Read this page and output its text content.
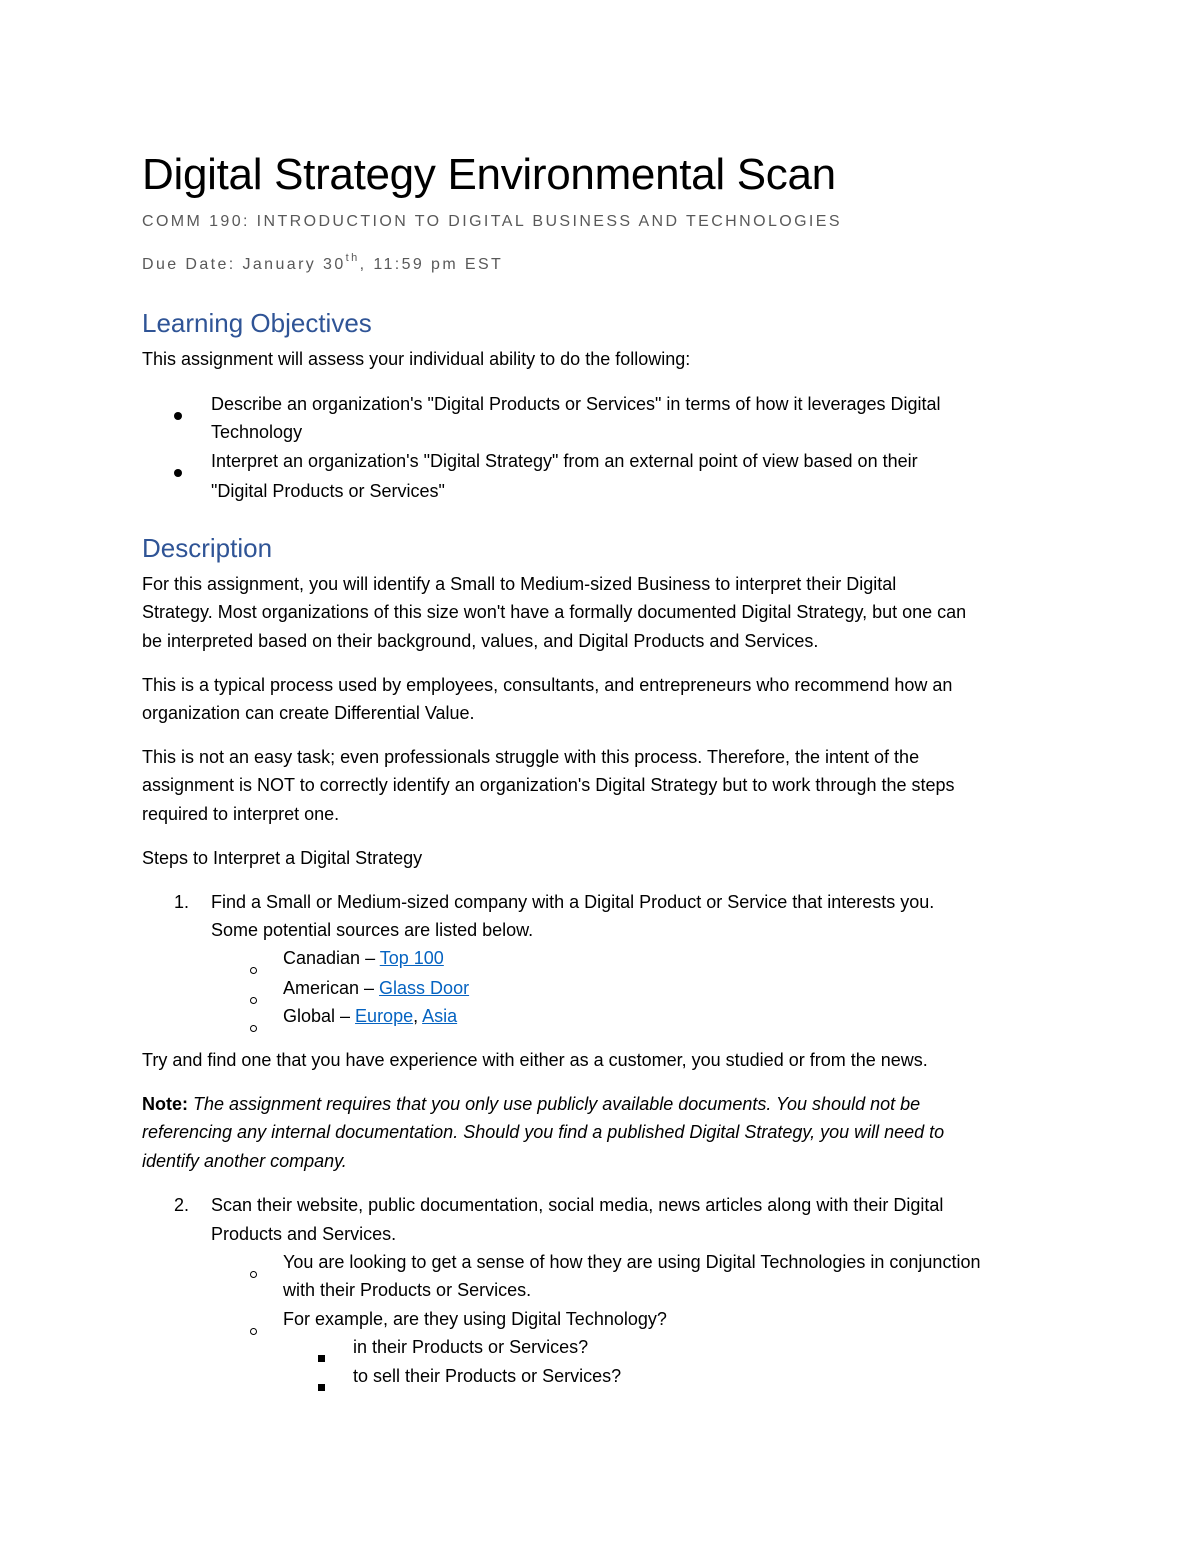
Digital Strategy Environmental Scan
COMM 190: INTRODUCTION TO DIGITAL BUSINESS AND TECHNOLOGIES
Due Date: January 30th, 11:59 pm EST
Learning Objectives
This assignment will assess your individual ability to do the following:
Describe an organization's "Digital Products or Services" in terms of how it leverages Digital
Technology
Interpret an organization's "Digital Strategy" from an external point of view based on their
"Digital Products or Services"
Description
For this assignment, you will identify a Small to Medium-sized Business to interpret their Digital
Strategy. Most organizations of this size won't have a formally documented Digital Strategy, but one can
be interpreted based on their background, values, and Digital Products and Services.
This is a typical process used by employees, consultants, and entrepreneurs who recommend how an
organization can create Differential Value.
This is not an easy task; even professionals struggle with this process. Therefore, the intent of the
assignment is NOT to correctly identify an organization's Digital Strategy but to work through the steps
required to interpret one.
Steps to Interpret a Digital Strategy
1. Find a Small or Medium-sized company with a Digital Product or Service that interests you.
Some potential sources are listed below.
Canadian – Top 100
American – Glass Door
Global – Europe, Asia
Try and find one that you have experience with either as a customer, you studied or from the news.
Note: The assignment requires that you only use publicly available documents. You should not be
referencing any internal documentation. Should you find a published Digital Strategy, you will need to
identify another company.
2. Scan their website, public documentation, social media, news articles along with their Digital
Products and Services.
You are looking to get a sense of how they are using Digital Technologies in conjunction
with their Products or Services.
For example, are they using Digital Technology?
in their Products or Services?
to sell their Products or Services?
